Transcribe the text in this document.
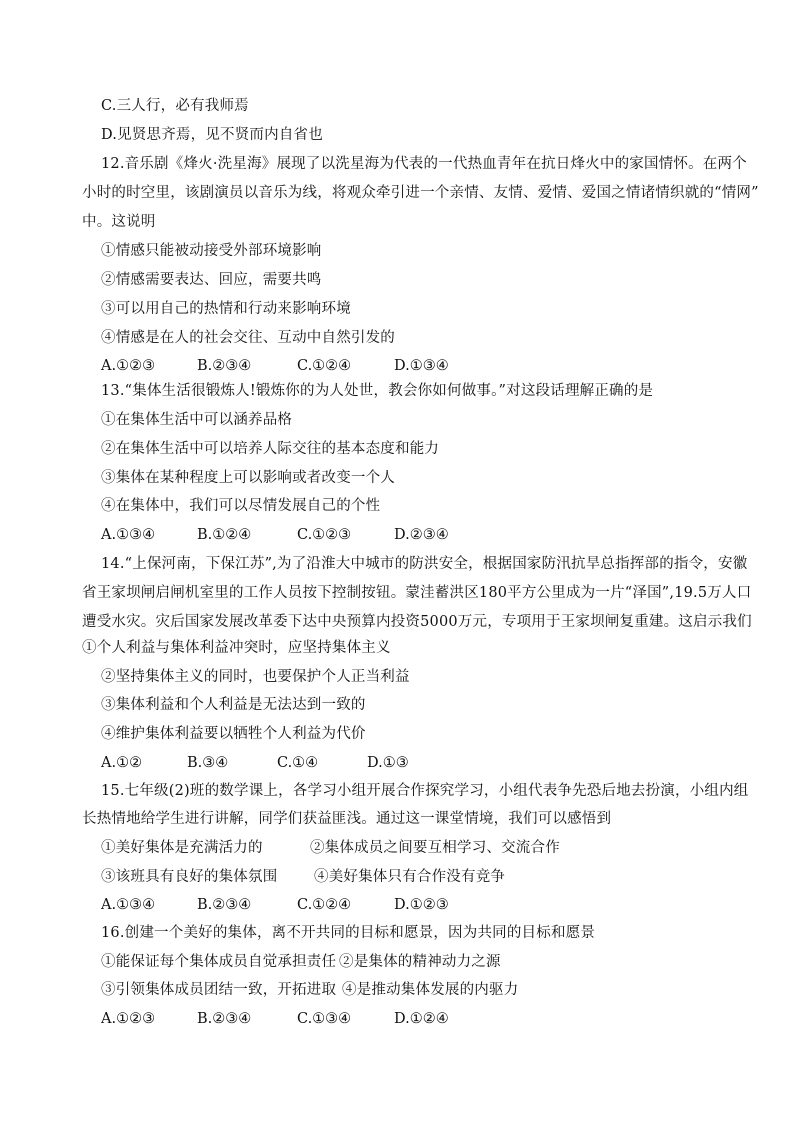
C.三人行，必有我师焉
D.见贤思齐焉，见不贤而内自省也
12.音乐剧《烽火·洗星海》展现了以洗星海为代表的一代热血青年在抗日烽火中的家国情怀。在两个
小时的时空里，该剧演员以音乐为线，将观众牵引进一个亲情、友情、爱情、爱国之情诸情织就的“情网”
中。这说明
①情感只能被动接受外部环境影响
②情感需要表达、回应，需要共鸣
③可以用自己的热情和行动来影响环境
④情感是在人的社会交往、互动中自然引发的
A.①②③	B.②③④	C.①②④	D.①③④
13.“集体生活很锻炼人!锻炼你的为人处世，教会你如何做事。”对这段话理解正确的是
①在集体生活中可以涵养品格
②在集体生活中可以培养人际交往的基本态度和能力
③集体在某种程度上可以影响或者改变一个人
④在集体中，我们可以尽情发展自己的个性
A.①③④	B.①②④	C.①②③	D.②③④
14.“上保河南，下保江苏”,为了沿淮大中城市的防洪安全，根据国家防汛抗旱总指挥部的指令，安徽
省王家坝闸启闸机室里的工作人员按下控制按钮。蒙洼蓄洪区180平方公里成为一片“泽国”,19.5万人口
遭受水灾。灾后国家发展改革委下达中央预算内投资5000万元，专项用于王家坝闸复重建。这启示我们
①个人利益与集体利益冲突时，应坚持集体主义
②坚持集体主义的同时，也要保护个人正当利益
③集体利益和个人利益是无法达到一致的
④维护集体利益要以牺牲个人利益为代价
A.①②	B.③④	C.①④	D.①③
15.七年级(2)班的数学课上，各学习小组开展合作探究学习，小组代表争先恐后地去扮演，小组内组
长热情地给学生进行讲解，同学们获益匪浅。通过这一课堂情境，我们可以感悟到
①美好集体是充满活力的	②集体成员之间要互相学习、交流合作
③该班具有良好的集体氛围	④美好集体只有合作没有竞争
A.①③④	B.②③④	C.①②④	D.①②③
16.创建一个美好的集体，离不开共同的目标和愿景，因为共同的目标和愿景
①能保证每个集体成员自觉承担责任 ②是集体的精神动力之源
③引领集体成员团结一致，开拓进取 ④是推动集体发展的内驱力
A.①②③	B.②③④	C.①③④	D.①②④
